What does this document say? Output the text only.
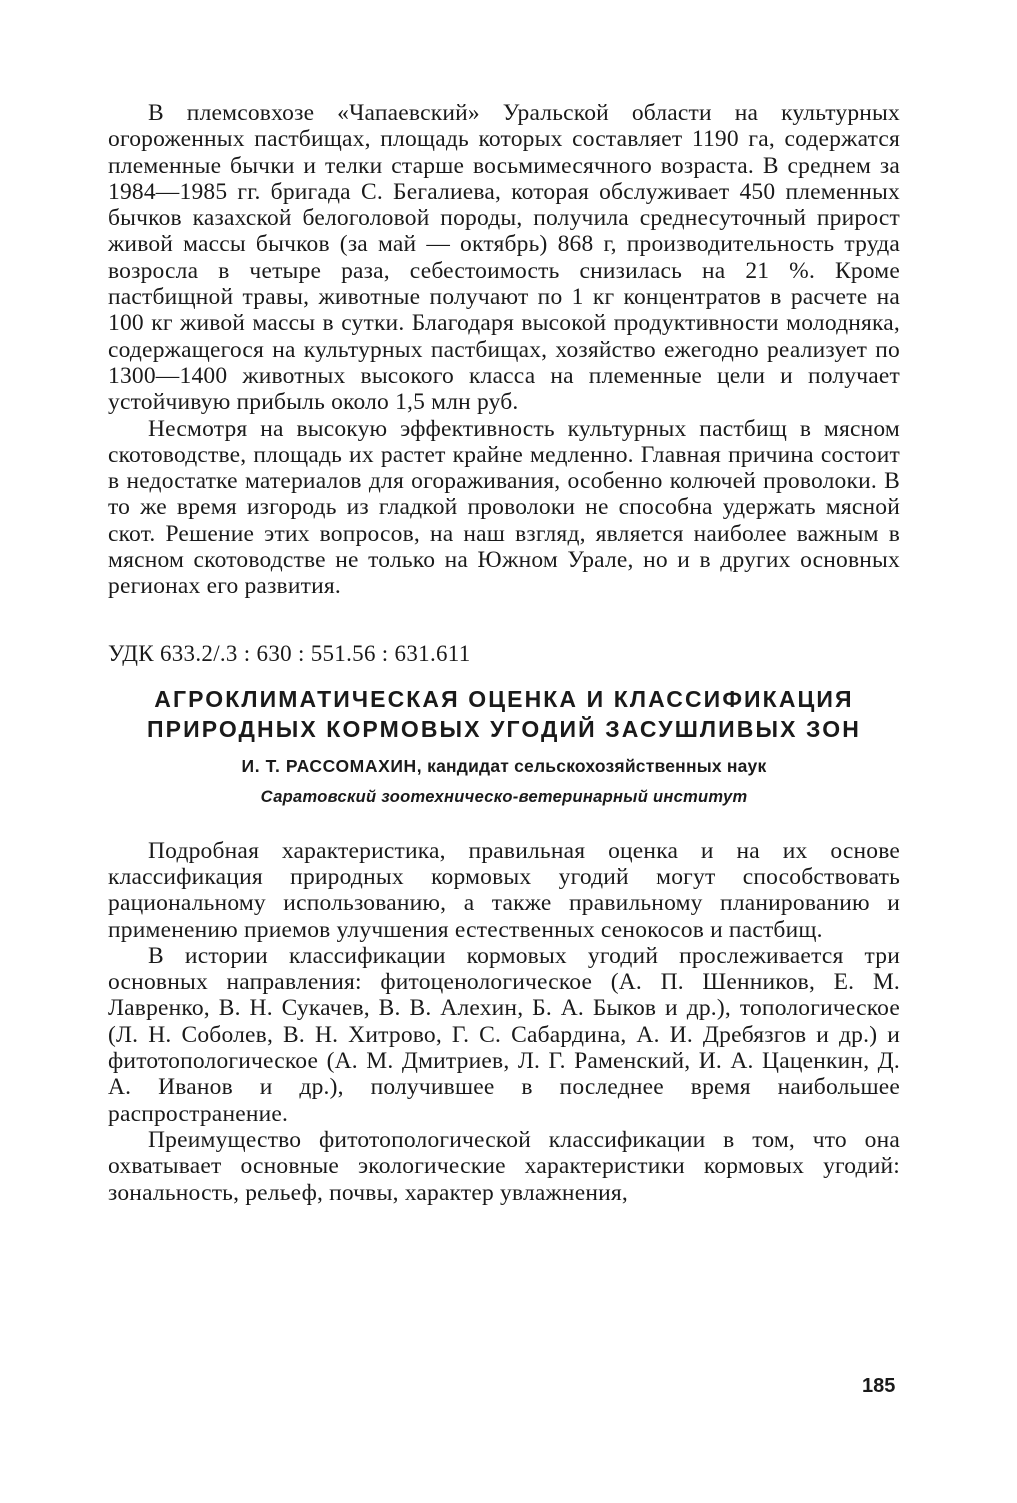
В племсовхозе «Чапаевский» Уральской области на культурных огороженных пастбищах, площадь которых составляет 1190 га, содержатся племенные бычки и телки старше восьмимесячного возраста. В среднем за 1984—1985 гг. бригада С. Бегалиева, которая обслуживает 450 племенных бычков казахской белоголовой породы, получила среднесуточный прирост живой массы бычков (за май — октябрь) 868 г, производительность труда возросла в четыре раза, себестоимость снизилась на 21 %. Кроме пастбищной травы, животные получают по 1 кг концентратов в расчете на 100 кг живой массы в сутки. Благодаря высокой продуктивности молодняка, содержащегося на культурных пастбищах, хозяйство ежегодно реализует по 1300—1400 животных высокого класса на племенные цели и получает устойчивую прибыль около 1,5 млн руб.

Несмотря на высокую эффективность культурных пастбищ в мясном скотоводстве, площадь их растет крайне медленно. Главная причина состоит в недостатке материалов для огораживания, особенно колючей проволоки. В то же время изгородь из гладкой проволоки не способна удержать мясной скот. Решение этих вопросов, на наш взгляд, является наиболее важным в мясном скотоводстве не только на Южном Урале, но и в других основных регионах его развития.

УДК 633.2/.3 : 630 : 551.56 : 631.611
АГРОКЛИМАТИЧЕСКАЯ ОЦЕНКА И КЛАССИФИКАЦИЯ
ПРИРОДНЫХ КОРМОВЫХ УГОДИЙ ЗАСУШЛИВЫХ ЗОН
И. Т. РАССОМАХИН, кандидат сельскохозяйственных наук
Саратовский зоотехническо-ветеринарный институт

Подробная характеристика, правильная оценка и на их основе классификация природных кормовых угодий могут способствовать рациональному использованию, а также правильному планированию и применению приемов улучшения естественных сенокосов и пастбищ.

В истории классификации кормовых угодий прослеживается три основных направления: фитоценологическое (А. П. Шенников, Е. М. Лавренко, В. Н. Сукачев, В. В. Алехин, Б. А. Быков и др.), топологическое (Л. Н. Соболев, В. Н. Хитрово, Г. С. Сабардина, А. И. Дребязгов и др.) и фитотопологическое (А. М. Дмитриев, Л. Г. Раменский, И. А. Цаценкин, Д. А. Иванов и др.), получившее в последнее время наибольшее распространение.

Преимущество фитотопологической классификации в том, что она охватывает основные экологические характеристики кормовых угодий: зональность, рельеф, почвы, характер увлажнения,

185
